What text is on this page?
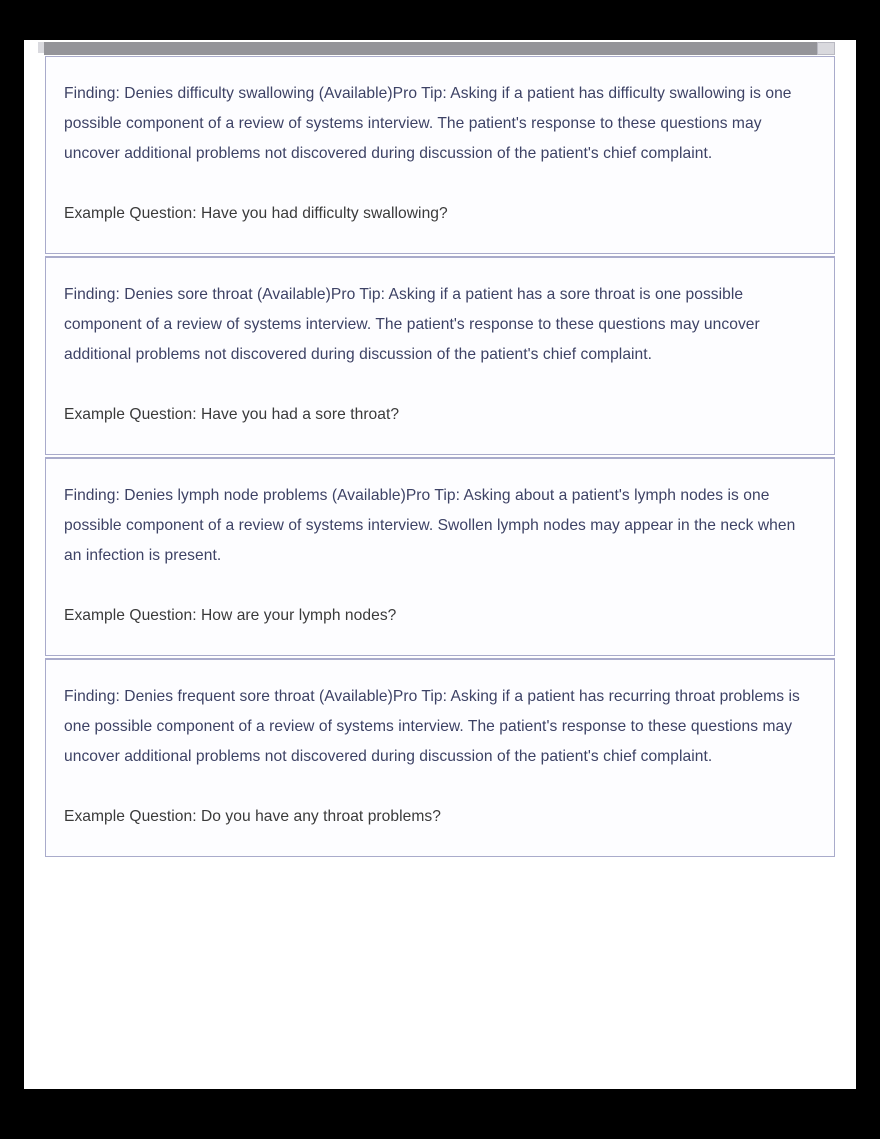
Finding: Denies difficulty swallowing (Available)Pro Tip: Asking if a patient has difficulty swallowing is one possible component of a review of systems interview. The patient's response to these questions may uncover additional problems not discovered during discussion of the patient's chief complaint.

Example Question: Have you had difficulty swallowing?

Finding: Denies sore throat (Available)Pro Tip: Asking if a patient has a sore throat is one possible component of a review of systems interview. The patient's response to these questions may uncover additional problems not discovered during discussion of the patient's chief complaint.

Example Question: Have you had a sore throat?

Finding: Denies lymph node problems (Available)Pro Tip: Asking about a patient's lymph nodes is one possible component of a review of systems interview. Swollen lymph nodes may appear in the neck when an infection is present.

Example Question: How are your lymph nodes?

Finding: Denies frequent sore throat (Available)Pro Tip: Asking if a patient has recurring throat problems is one possible component of a review of systems interview. The patient's response to these questions may uncover additional problems not discovered during discussion of the patient's chief complaint.

Example Question: Do you have any throat problems?
